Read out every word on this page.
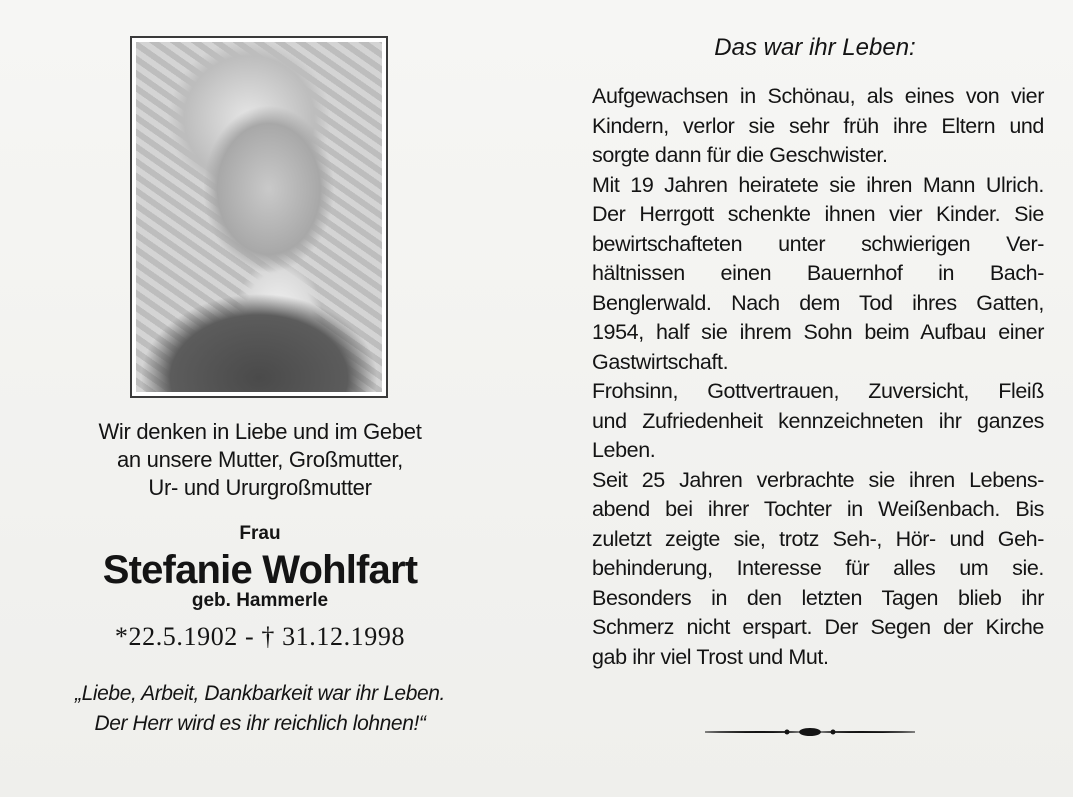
Wir denken in Liebe und im Gebet
an unsere Mutter, Großmutter,
Ur- und Ururgroßmutter
Frau
Stefanie Wohlfart
geb. Hammerle
*22.5.1902 - † 31.12.1998
„Liebe, Arbeit, Dankbarkeit war ihr Leben.
Der Herr wird es ihr reichlich lohnen!“
Das war ihr Leben:
Aufgewachsen in Schönau, als eines von vier
Kindern, verlor sie sehr früh ihre Eltern und
sorgte dann für die Geschwister.
Mit 19 Jahren heiratete sie ihren Mann Ulrich.
Der Herrgott schenkte ihnen vier Kinder. Sie
bewirtschafteten unter schwierigen Ver-
hältnissen einen Bauernhof in Bach-
Benglerwald. Nach dem Tod ihres Gatten,
1954, half sie ihrem Sohn beim Aufbau einer
Gastwirtschaft.
Frohsinn, Gottvertrauen, Zuversicht, Fleiß
und Zufriedenheit kennzeichneten ihr ganzes
Leben.
Seit 25 Jahren verbrachte sie ihren Lebens-
abend bei ihrer Tochter in Weißenbach. Bis
zuletzt zeigte sie, trotz Seh-, Hör- und Geh-
behinderung, Interesse für alles um sie.
Besonders in den letzten Tagen blieb ihr
Schmerz nicht erspart. Der Segen der Kirche
gab ihr viel Trost und Mut.
